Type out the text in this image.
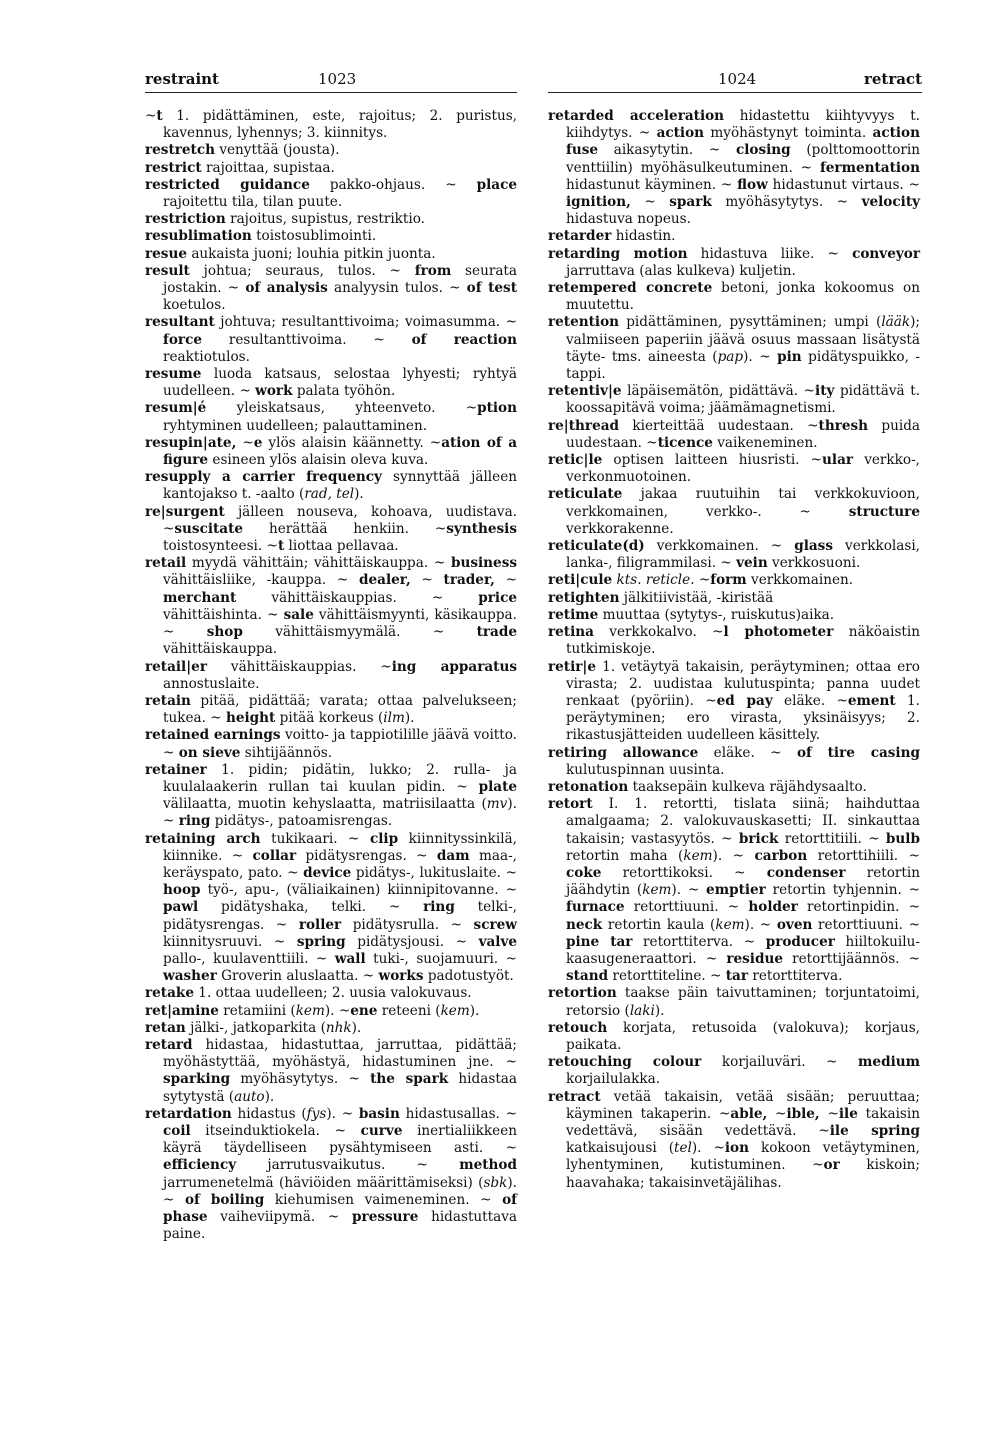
restraint	1023	1024	retract

~t 1. pidättäminen, este, rajoitus; 2. puristus, kavennus, lyhennys; 3. kiinnitys.

restretch venyttää (jousta).

restrict rajoittaa, supistaa.

restricted guidance pakko-ohjaus. ~ place rajoitettu tila, tilan puute.

restriction rajoitus, supistus, restriktio.

resublimation toistosublimointi.

resue aukaista juoni; louhia pitkin juonta.

result johtua; seuraus, tulos. ~ from seurata jostakin. ~ of analysis analyysin tulos. ~ of test koetulos.

resultant johtuva; resultanttivoima; voimasumma. ~ force resultanttivoima. ~ of reaction reaktiotulos.

resume luoda katsaus, selostaa lyhyesti; ryhtyä uudelleen. ~ work palata työhön.

resum|é yleiskatsaus, yhteenveto. ~ption ryhtyminen uudelleen; palauttaminen.

resupin|ate, ~e ylös alaisin käännetty. ~ation of a figure esineen ylös alaisin oleva kuva.

resupply a carrier frequency synnyttää jälleen kantojakso t. -aalto (rad, tel).

re|surgent jälleen nouseva, kohoava, uudistava. ~suscitate herättää henkiin. ~synthesis toistosynteesi. ~t liottaa pellavaa.

retail myydä vähittäin; vähittäiskauppa. ~ business vähittäisliike, -kauppa. ~ dealer, ~ trader, ~ merchant vähittäiskauppias. ~ price vähittäishinta. ~ sale vähittäismyynti, käsikauppa. ~ shop vähittäismyymälä. ~ trade vähittäiskauppa.

retail|er vähittäiskauppias. ~ing apparatus annostuslaite.

retain pitää, pidättää; varata; ottaa palvelukseen; tukea. ~ height pitää korkeus (ilm).

retained earnings voitto- ja tappiotilille jäävä voitto. ~ on sieve sihtijäännös.

retainer 1. pidin; pidätin, lukko; 2. rulla- ja kuulalaakerin rullan tai kuulan pidin. ~ plate välilaatta, muotin kehyslaatta, matriisilaatta (mv). ~ ring pidätys-, patoamisrengas.

retaining arch tukikaari. ~ clip kiinnityssinkilä, kiinnike. ~ collar pidätysrengas. ~ dam maa-, keräyspato, pato. ~ device pidätys-, lukituslaite. ~ hoop työ-, apu-, (väliaikainen) kiinnipitovanne. ~ pawl pidätyshaka, telki. ~ ring telki-, pidätysrengas. ~ roller pidätysrulla. ~ screw kiinnitysruuvi. ~ spring pidätysjousi. ~ valve pallo-, kuulaventtiili. ~ wall tuki-, suojamuuri. ~ washer Groverin aluslaatta. ~ works padotustyöt.

retake 1. ottaa uudelleen; 2. uusia valokuvaus.

ret|amine retamiini (kem). ~ene reteeni (kem).

retan jälki-, jatkoparkita (nhk).

retard hidastaa, hidastuttaa, jarruttaa, pidättää; myöhästyttää, myöhästyä, hidastuminen jne. ~ sparking myöhäsytytys. ~ the spark hidastaa sytytystä (auto).

retardation hidastus (fys). ~ basin hidastusallas. ~ coil itseinduktiokela. ~ curve inertialiikkeen käyrä täydelliseen pysähtymiseen asti. ~ efficiency jarrutusvaikutus. ~ method jarrumenetelmä (häviöiden määrittämiseksi) (sbk). ~ of boiling kiehumisen vaimeneminen. ~ of phase vaiheviipymä. ~ pressure hidastuttava paine.

retarded acceleration hidastettu kiihtyvyys t. kiihdytys. ~ action myöhästynyt toiminta. action fuse aikasytytin. ~ closing (polttomoottorin venttiilin) myöhäsulkeutuminen. ~ fermentation hidastunut käyminen. ~ flow hidastunut virtaus. ~ ignition, ~ spark myöhäsytytys. ~ velocity hidastuva nopeus.

retarder hidastin.

retarding motion hidastuva liike. ~ conveyor jarruttava (alas kulkeva) kuljetin.

retempered concrete betoni, jonka kokoomus on muutettu.

retention pidättäminen, pysyttäminen; umpi (lääk); valmiiseen paperiin jäävä osuus massaan lisätystä täyte- tms. aineesta (pap). ~ pin pidätyspuikko, -tappi.

retentiv|e läpäisemätön, pidättävä. ~ity pidättävä t. koossapitävä voima; jäämämagnetismi.

re|thread kierteittää uudestaan. ~thresh puida uudestaan. ~ticence vaikeneminen.

retic|le optisen laitteen hiusristi. ~ular verkko-, verkonmuotoinen.

reticulate jakaa ruutuihin tai verkkokuvioon, verkkomainen, verkko-. ~ structure verkkorakenne.

reticulate(d) verkkomainen. ~ glass verkkolasi, lanka-, filigrammilasi. ~ vein verkkosuoni.

reti|cule kts. reticle. ~form verkkomainen.

retighten jälkitiivistää, -kiristää

retime muuttaa (sytytys-, ruiskutus)aika.

retina verkkokalvo. ~l photometer näköaistin tutkimiskoje.

retir|e 1. vetäytyä takaisin, peräytyminen; ottaa ero virasta; 2. uudistaa kulutuspinta; panna uudet renkaat (pyöriin). ~ed pay eläke. ~ement 1. peräytyminen; ero virasta, yksinäisyys; 2. rikastusjätteiden uudelleen käsittely.

retiring allowance eläke. ~ of tire casing kulutuspinnan uusinta.

retonation taaksepäin kulkeva räjähdysaalto.

retort I. 1. retortti, tislata siinä; haihduttaa amalgaama; 2. valokuvauskasetti; II. sinkauttaa takaisin; vastasyytös. ~ brick retorttitiili. ~ bulb retortin maha (kem). ~ carbon retorttihiili. ~ coke retorttikoksi. ~ condenser retortin jäähdytin (kem). ~ emptier retortin tyhjennin. ~ furnace retorttiuuni. ~ holder retortinpidin. ~ neck retortin kaula (kem). ~ oven retorttiuuni. ~ pine tar retorttiterva. ~ producer hiiltokuilu-kaasugeneraattori. ~ residue retorttijäännös. ~ stand retorttiteline. ~ tar retorttiterva.

retortion taakse päin taivuttaminen; torjuntatoimi, retorsio (laki).

retouch korjata, retusoida (valokuva); korjaus, paikata.

retouching colour korjailuväri. ~ medium korjailulakka.

retract vetää takaisin, vetää sisään; peruuttaa; käyminen takaperin. ~able, ~ible, ~ile takaisin vedettävä, sisään vedettävä. ~ile spring katkaisujousi (tel). ~ion kokoon vetäytyminen, lyhentyminen, kutistuminen. ~or kiskoin; haavahaka; takaisinvetäjälihas.
